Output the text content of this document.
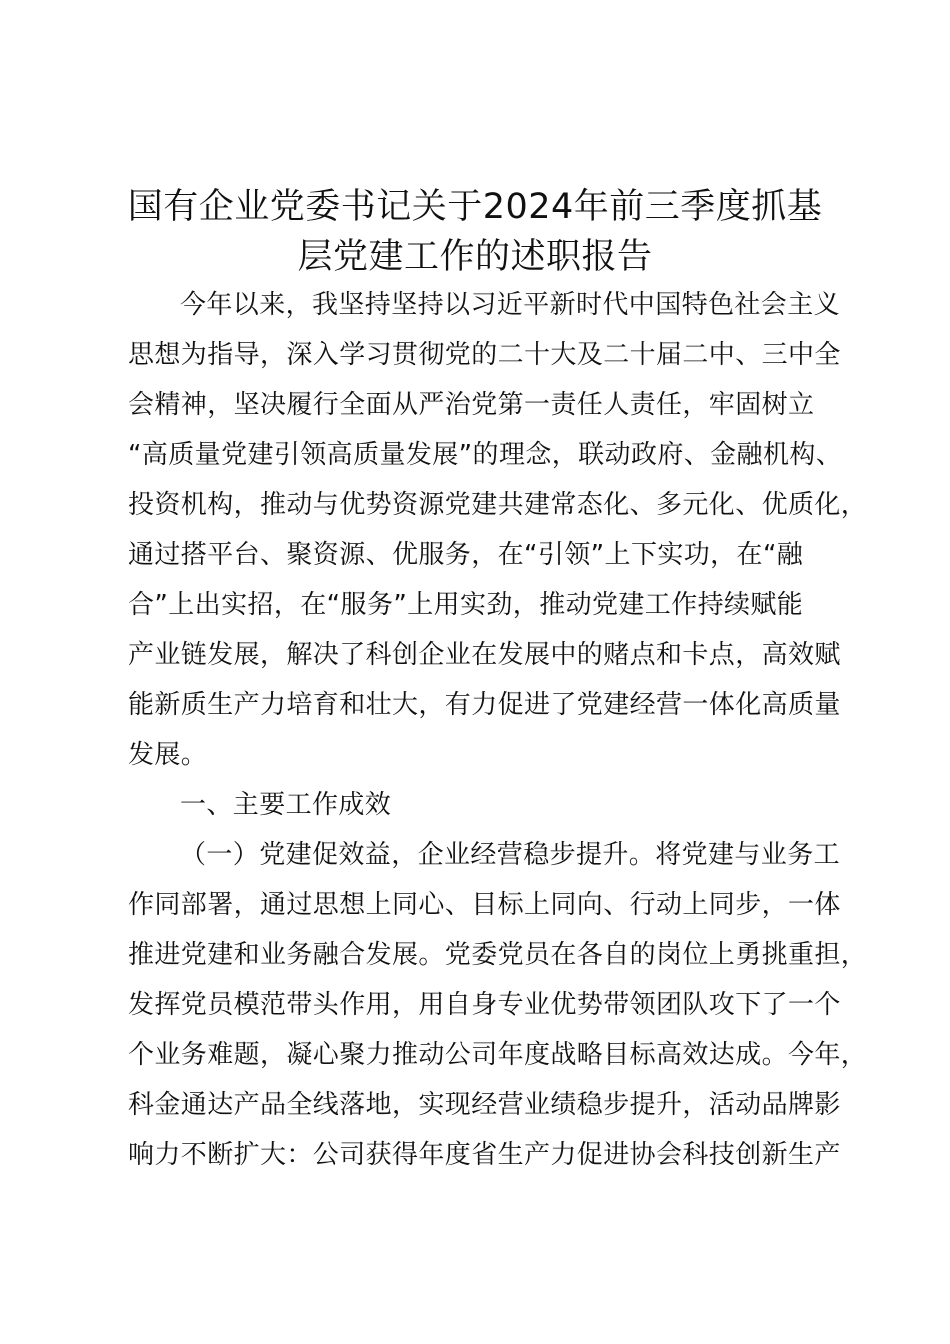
国有企业党委书记关于2024年前三季度抓基
层党建工作的述职报告
今年以来，我坚持坚持以习近平新时代中国特色社会主义
思想为指导，深入学习贯彻党的二十大及二十届二中、三中全
会精神，坚决履行全面从严治党第一责任人责任，牢固树立
“高质量党建引领高质量发展”的理念，联动政府、金融机构、
投资机构，推动与优势资源党建共建常态化、多元化、优质化，
通过搭平台、聚资源、优服务，在“引领”上下实功，在“融
合”上出实招，在“服务”上用实劲，推动党建工作持续赋能
产业链发展，解决了科创企业在发展中的赌点和卡点，高效赋
能新质生产力培育和壮大，有力促进了党建经营一体化高质量
发展。
一、主要工作成效
（一）党建促效益，企业经营稳步提升。将党建与业务工
作同部署，通过思想上同心、目标上同向、行动上同步，一体
推进党建和业务融合发展。党委党员在各自的岗位上勇挑重担，
发挥党员模范带头作用，用自身专业优势带领团队攻下了一个
个业务难题，凝心聚力推动公司年度战略目标高效达成。今年，
科金通达产品全线落地，实现经营业绩稳步提升，活动品牌影
响力不断扩大：公司获得年度省生产力促进协会科技创新生产
